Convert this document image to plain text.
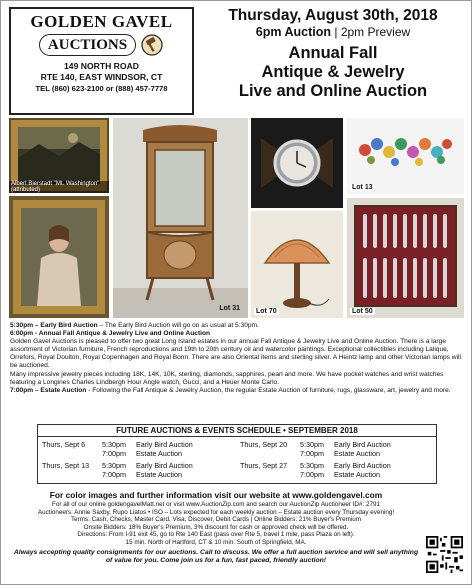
GOLDEN GAVEL
AUCTIONS
149 NORTH ROAD
RTE 140, EAST WINDSOR, CT
TEL (860) 623-2100 or (888) 457-7778
Thursday, August 30th, 2018
6pm Auction | 2pm Preview
Annual Fall
Antique & Jewelry
Live and Online Auction
Albert Bierstadt "Mt. Washington" (attributed)
Lot 31
Lot 13
Lot 70	Lot 50

5:30pm – Early Bird Auction – The Early Bird Auction will go on as usual at 5:30pm.

6:00pm - Annual Fall Antique & Jewelry Live and Online Auction

Golden Gavel Auctions is pleased to offer two great Long Island estates in our annual Fall Antique & Jewelry Live and Online Auction. There is a large assortment of Victorian furniture, French reproductions and 19th to 20th century oil and watercolor paintings. Exceptional collectibles including Lalique, Orrefors, Royal Doulton, Royal Copenhagen and Royal Bonn. There are also Oriental items and sterling silver. A Heintz lamp and other Victorian lamps will be auctioned.

Many impressive jewelry pieces including 18K, 14K, 10K, sterling, diamonds, sapphires, pearl and more. We have pocket watches and wrist watches featuring a Longines Charles Lindbergh Hour Angle watch, Gucci, and a Heuer Monte Carlo.

7:00pm – Estate Auction - Following the Fall Antique & Jewelry Auction, the regular Estate Auction of furniture, rugs, glassware, art, jewelry and more.

FUTURE AUCTIONS & EVENTS SCHEDULE • SEPTEMBER 2018
Thurs, Sept 6	5:30pm	Early Bird Auction	Thurs, Sept 20	5:30pm	Early Bird Auction
7:00pm	Estate Auction	7:00pm	Estate Auction
Thurs, Sept 13	5:30pm	Early Bird Auction	Thurs, Sept 27	5:30pm	Early Bird Auction
7:00pm	Estate Auction	7:00pm	Estate Auction
For color images and further information visit our website at www.goldengavel.com
For all of our online goldengavelMatt.net or visit www.AuctionZip.com and search our AuctionZip Auctioneer ID#: 2791
Auctioneers: Annie Saxby, Rupo Liatos • ISO – Lots expected for each weekly auction – Estate auction every Thursday evening!
Terms: Cash, Checks, Master Card, Visa, Discover, Debit Cards | Online Bidders: 21% Buyer's Premium
Onsite Bidders: 18% Buyer's Premium, 3% discount for cash or approved check will be offered.
Directions: From I-91 exit 45, go to Rte 140 East (pass over Rte 5, travel 1 mile, pass Plaza on left).
15 min. North of Hartford, CT & 10 min. South of Springfield, MA.
Always accepting quality consignments for our auctions. Call to discuss. We offer a full auction service and will sell anything of value for you. Come join us for a fun, fast paced, friendly auction!
